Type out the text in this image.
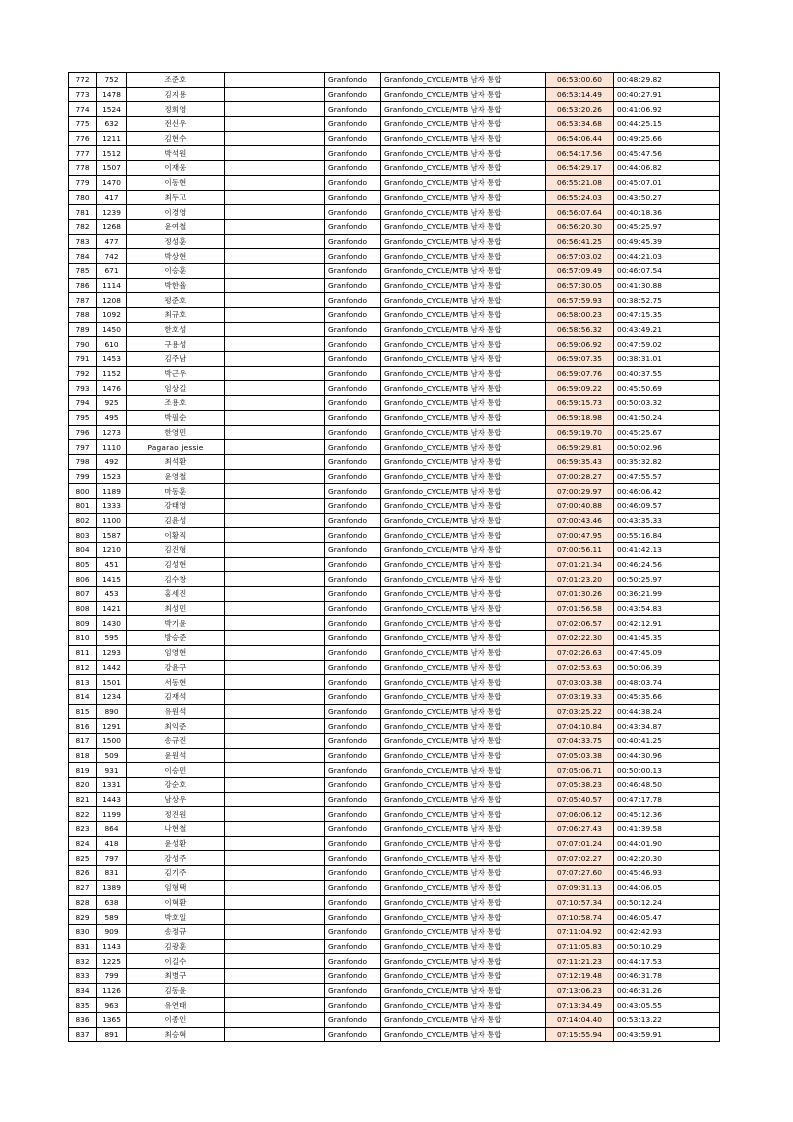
772	752	조준호		Granfondo	Granfondo_CYCLE/MTB 남자 통합	06:53:00.60	00:48:29.82
773	1478	김지용		Granfondo	Granfondo_CYCLE/MTB 남자 통합	06:53:14.49	00:40:27.91
774	1524	정희영		Granfondo	Granfondo_CYCLE/MTB 남자 통합	06:53:20.26	00:41:06.92
775	632	전신우		Granfondo	Granfondo_CYCLE/MTB 남자 통합	06:53:34.68	00:44:25.15
776	1211	김현수		Granfondo	Granfondo_CYCLE/MTB 남자 통합	06:54:06.44	00:49:25.66
777	1512	박석원		Granfondo	Granfondo_CYCLE/MTB 남자 통합	06:54:17.56	00:45:47.56
778	1507	이재웅		Granfondo	Granfondo_CYCLE/MTB 남자 통합	06:54:29.17	00:44:06.82
779	1470	이동현		Granfondo	Granfondo_CYCLE/MTB 남자 통합	06:55:21.08	00:45:07.01
780	417	최두고		Granfondo	Granfondo_CYCLE/MTB 남자 통합	06:55:24.03	00:43:50.27
781	1239	이경영		Granfondo	Granfondo_CYCLE/MTB 남자 통합	06:56:07.64	00:40:18.36
782	1268	윤여철		Granfondo	Granfondo_CYCLE/MTB 남자 통합	06:56:20.30	00:45:25.97
783	477	정성훈		Granfondo	Granfondo_CYCLE/MTB 남자 통합	06:56:41.25	00:49:45.39
784	742	박상현		Granfondo	Granfondo_CYCLE/MTB 남자 통합	06:57:03.02	00:44:21.03
785	671	이승훈		Granfondo	Granfondo_CYCLE/MTB 남자 통합	06:57:09.49	00:46:07.54
786	1114	박한율		Granfondo	Granfondo_CYCLE/MTB 남자 통합	06:57:30.05	00:41:30.88
787	1208	평준호		Granfondo	Granfondo_CYCLE/MTB 남자 통합	06:57:59.93	00:38:52.75
788	1092	최규호		Granfondo	Granfondo_CYCLE/MTB 남자 통합	06:58:00.23	00:47:15.35
789	1450	한호성		Granfondo	Granfondo_CYCLE/MTB 남자 통합	06:58:56.32	00:43:49.21
790	610	구용성		Granfondo	Granfondo_CYCLE/MTB 남자 통합	06:59:06.92	00:47:59.02
791	1453	김주남		Granfondo	Granfondo_CYCLE/MTB 남자 통합	06:59:07.35	00:38:31.01
792	1152	박근우		Granfondo	Granfondo_CYCLE/MTB 남자 통합	06:59:07.76	00:40:37.55
793	1476	임상길		Granfondo	Granfondo_CYCLE/MTB 남자 통합	06:59:09.22	00:45:50.69
794	925	조용호		Granfondo	Granfondo_CYCLE/MTB 남자 통합	06:59:15.73	00:50:03.32
795	495	박필순		Granfondo	Granfondo_CYCLE/MTB 남자 통합	06:59:18.98	00:41:50.24
796	1273	한영민		Granfondo	Granfondo_CYCLE/MTB 남자 통합	06:59:19.70	00:45:25.67
797	1110	Pagarao jessie		Granfondo	Granfondo_CYCLE/MTB 남자 통합	06:59:29.81	00:50:02.96
798	492	최석환		Granfondo	Granfondo_CYCLE/MTB 남자 통합	06:59:35.43	00:35:32.82
799	1523	윤영철		Granfondo	Granfondo_CYCLE/MTB 남자 통합	07:00:28.27	00:47:55.57
800	1189	마동훈		Granfondo	Granfondo_CYCLE/MTB 남자 통합	07:00:29.97	00:46:06.42
801	1333	강태영		Granfondo	Granfondo_CYCLE/MTB 남자 통합	07:00:40.88	00:46:09.57
802	1100	김윤성		Granfondo	Granfondo_CYCLE/MTB 남자 통합	07:00:43.46	00:43:35.33
803	1587	이황직		Granfondo	Granfondo_CYCLE/MTB 남자 통합	07:00:47.95	00:55:16.84
804	1210	김진형		Granfondo	Granfondo_CYCLE/MTB 남자 통합	07:00:56.11	00:41:42.13
805	451	김성현		Granfondo	Granfondo_CYCLE/MTB 남자 통합	07:01:21.34	00:46:24.56
806	1415	김수창		Granfondo	Granfondo_CYCLE/MTB 남자 통합	07:01:23.20	00:50:25.97
807	453	홍세진		Granfondo	Granfondo_CYCLE/MTB 남자 통합	07:01:30.26	00:36:21.99
808	1421	최성민		Granfondo	Granfondo_CYCLE/MTB 남자 통합	07:01:56.58	00:43:54.83
809	1430	박기윤		Granfondo	Granfondo_CYCLE/MTB 남자 통합	07:02:06.57	00:42:12.91
810	595	방승준		Granfondo	Granfondo_CYCLE/MTB 남자 통합	07:02:22.30	00:41:45.35
811	1293	임영현		Granfondo	Granfondo_CYCLE/MTB 남자 통합	07:02:26.63	00:47:45.09
812	1442	강윤구		Granfondo	Granfondo_CYCLE/MTB 남자 통합	07:02:53.63	00:50:06.39
813	1501	서동현		Granfondo	Granfondo_CYCLE/MTB 남자 통합	07:03:03.38	00:48:03.74
814	1234	김재석		Granfondo	Granfondo_CYCLE/MTB 남자 통합	07:03:19.33	00:45:35.66
815	890	유원석		Granfondo	Granfondo_CYCLE/MTB 남자 통합	07:03:25.22	00:44:38.24
816	1291	최익준		Granfondo	Granfondo_CYCLE/MTB 남자 통합	07:04:10.84	00:43:34.87
817	1500	송규진		Granfondo	Granfondo_CYCLE/MTB 남자 통합	07:04:33.75	00:40:41.25
818	509	윤원석		Granfondo	Granfondo_CYCLE/MTB 남자 통합	07:05:03.38	00:44:30.96
819	931	이승민		Granfondo	Granfondo_CYCLE/MTB 남자 통합	07:05:06.71	00:50:00.13
820	1331	강순호		Granfondo	Granfondo_CYCLE/MTB 남자 통합	07:05:38.23	00:46:48.50
821	1443	남상우		Granfondo	Granfondo_CYCLE/MTB 남자 통합	07:05:40.57	00:47:17.78
822	1199	정진원		Granfondo	Granfondo_CYCLE/MTB 남자 통합	07:06:06.12	00:45:12.36
823	864	나현철		Granfondo	Granfondo_CYCLE/MTB 남자 통합	07:06:27.43	00:41:39.58
824	418	윤성환		Granfondo	Granfondo_CYCLE/MTB 남자 통합	07:07:01.24	00:44:01.90
825	797	강성주		Granfondo	Granfondo_CYCLE/MTB 남자 통합	07:07:02.27	00:42:20.30
826	831	김기주		Granfondo	Granfondo_CYCLE/MTB 남자 통합	07:07:27.60	00:45:46.93
827	1389	임형택		Granfondo	Granfondo_CYCLE/MTB 남자 통합	07:09:31.13	00:44:06.05
828	638	이혁환		Granfondo	Granfondo_CYCLE/MTB 남자 통합	07:10:57.34	00:50:12.24
829	589	박호일		Granfondo	Granfondo_CYCLE/MTB 남자 통합	07:10:58.74	00:46:05.47
830	909	송정규		Granfondo	Granfondo_CYCLE/MTB 남자 통합	07:11:04.92	00:42:42.93
831	1143	김광훈		Granfondo	Granfondo_CYCLE/MTB 남자 통합	07:11:05.83	00:50:10.29
832	1225	이길수		Granfondo	Granfondo_CYCLE/MTB 남자 통합	07:11:21.23	00:44:17.53
833	799	최병구		Granfondo	Granfondo_CYCLE/MTB 남자 통합	07:12:19.48	00:46:31.78
834	1126	김동윤		Granfondo	Granfondo_CYCLE/MTB 남자 통합	07:13:06.23	00:46:31.26
835	963	유연태		Granfondo	Granfondo_CYCLE/MTB 남자 통합	07:13:34.49	00:43:05.55
836	1365	이종인		Granfondo	Granfondo_CYCLE/MTB 남자 통합	07:14:04.40	00:53:13.22
837	891	최승혁		Granfondo	Granfondo_CYCLE/MTB 남자 통합	07:15:55.94	00:43:59.91
